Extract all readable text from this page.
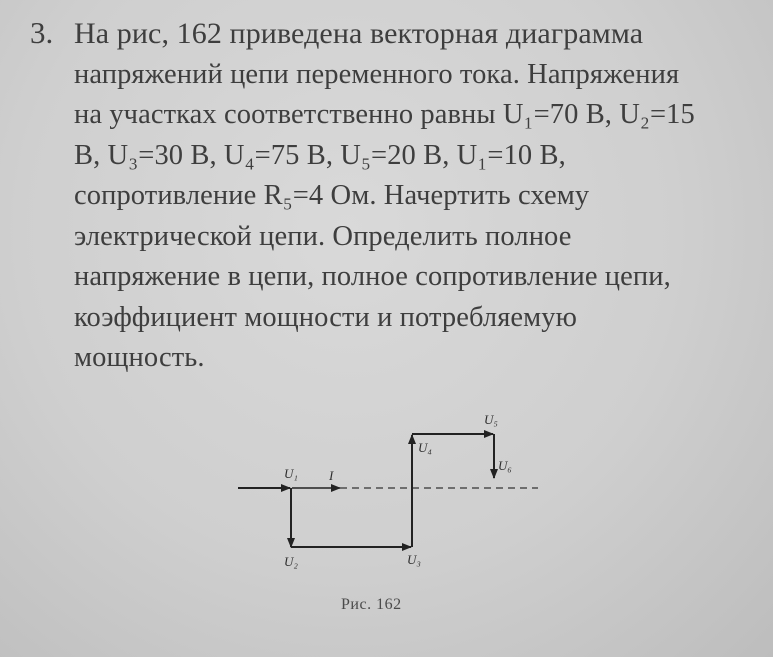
3. На рис, 162 приведена векторная диаграмма
напряжений цепи переменного тока. Напряжения
на участках соответственно равны U₁=70 В, U₂=15
В, U₃=30 В, U₄=75 В, U₅=20 В, U₁=10 В,
сопротивление R₅=4 Ом. Начертить схему
электрической цепи. Определить полное
напряжение в цепи, полное сопротивление цепи,
коэффициент мощности и потребляемую
мощность.
U₁ I
U₂	U₃
U₄
U₅
U₆
Рис. 162
